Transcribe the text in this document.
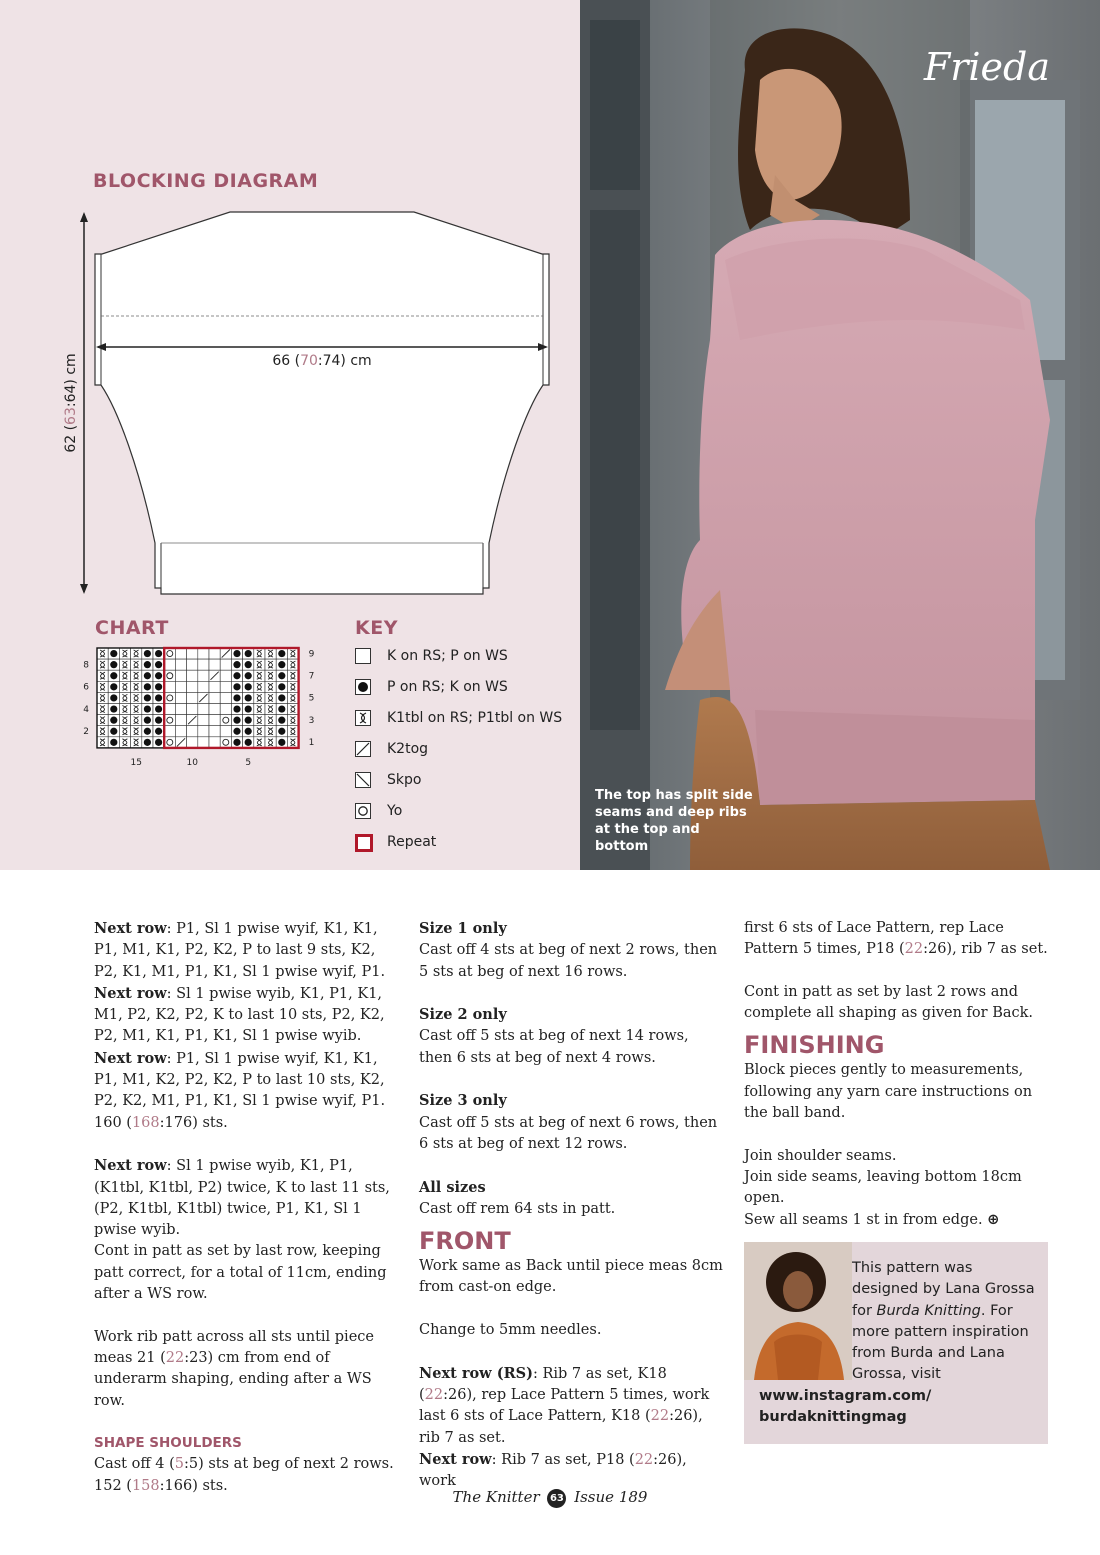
BLOCKING DIAGRAM
66 (70:74) cm
62 (63:64) cm
CHART
9
7
5
3
1
8
6
4
2
15	10	5
KEY
K on RS; P on WS
P on RS; K on WS
K1tbl on RS; P1tbl on WS
K2tog
Skpo
Yo
Repeat
Frieda
The top has split side seams and deep ribs at the top and bottom

Next row: P1, Sl 1 pwise wyif, K1, K1, P1, M1, K1, P2, K2, P to last 9 sts, K2, P2, K1, M1, P1, K1, Sl 1 pwise wyif, P1.

Next row: Sl 1 pwise wyib, K1, P1, K1, M1, P2, K2, P2, K to last 10 sts, P2, K2, P2, M1, K1, P1, K1, Sl 1 pwise wyib.

Next row: P1, Sl 1 pwise wyif, K1, K1, P1, M1, K2, P2, K2, P to last 10 sts, K2, P2, K2, M1, P1, K1, Sl 1 pwise wyif, P1.

160 (168:176) sts.

Next row: Sl 1 pwise wyib, K1, P1, (K1tbl, K1tbl, P2) twice, K to last 11 sts, (P2, K1tbl, K1tbl) twice, P1, K1, Sl 1 pwise wyib.

Cont in patt as set by last row, keeping patt correct, for a total of 11cm, ending after a WS row.

Work rib patt across all sts until piece meas 21 (22:23) cm from end of underarm shaping, ending after a WS row.

SHAPE SHOULDERS

Cast off 4 (5:5) sts at beg of next 2 rows.

152 (158:166) sts.

Size 1 only

Cast off 4 sts at beg of next 2 rows, then 5 sts at beg of next 16 rows.

Size 2 only

Cast off 5 sts at beg of next 14 rows, then 6 sts at beg of next 4 rows.

Size 3 only

Cast off 5 sts at beg of next 6 rows, then 6 sts at beg of next 12 rows.

All sizes

Cast off rem 64 sts in patt.

FRONT

Work same as Back until piece meas 8cm from cast-on edge.

Change to 5mm needles.

Next row (RS): Rib 7 as set, K18 (22:26), rep Lace Pattern 5 times, work last 6 sts of Lace Pattern, K18 (22:26), rib 7 as set.

Next row: Rib 7 as set, P18 (22:26), work

first 6 sts of Lace Pattern, rep Lace Pattern 5 times, P18 (22:26), rib 7 as set.

Cont in patt as set by last 2 rows and complete all shaping as given for Back.

FINISHING

Block pieces gently to measurements, following any yarn care instructions on the ball band.

Join shoulder seams.

Join side seams, leaving bottom 18cm open.

Sew all seams 1 st in from edge. ⊕

This pattern was designed by Lana Grossa for Burda Knitting. For more pattern inspiration from Burda and Lana Grossa, visit www.instagram.com/ burdaknittingmag
The Knitter 63 Issue 189
